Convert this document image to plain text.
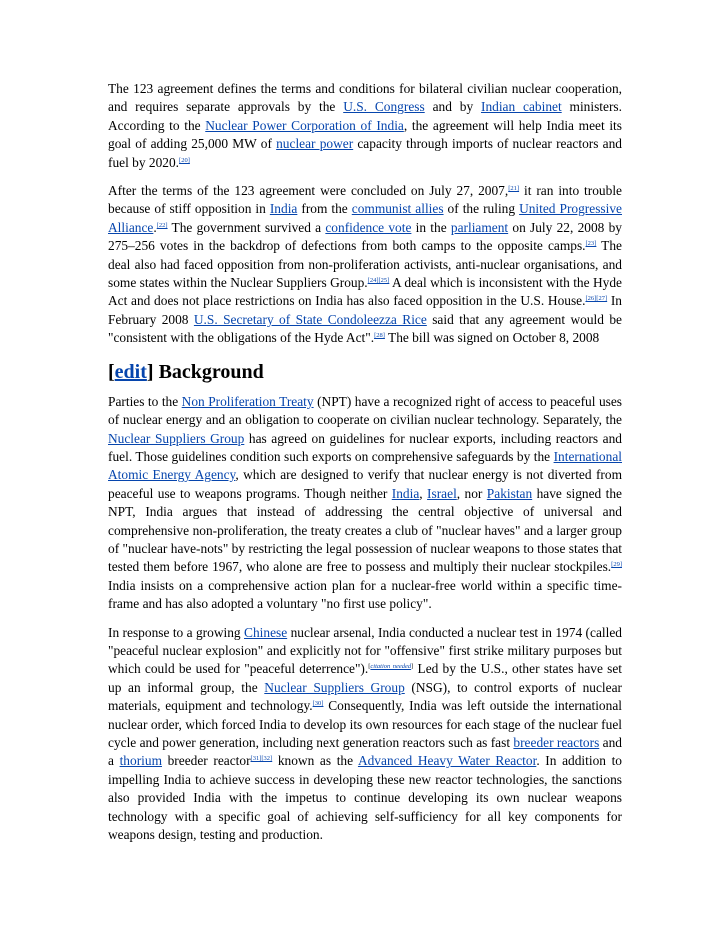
The 123 agreement defines the terms and conditions for bilateral civilian nuclear cooperation, and requires separate approvals by the U.S. Congress and by Indian cabinet ministers. According to the Nuclear Power Corporation of India, the agreement will help India meet its goal of adding 25,000 MW of nuclear power capacity through imports of nuclear reactors and fuel by 2020.[20]

After the terms of the 123 agreement were concluded on July 27, 2007,[21] it ran into trouble because of stiff opposition in India from the communist allies of the ruling United Progressive Alliance.[22] The government survived a confidence vote in the parliament on July 22, 2008 by 275–256 votes in the backdrop of defections from both camps to the opposite camps.[23] The deal also had faced opposition from non-proliferation activists, anti-nuclear organisations, and some states within the Nuclear Suppliers Group.[24][25] A deal which is inconsistent with the Hyde Act and does not place restrictions on India has also faced opposition in the U.S. House.[26][27] In February 2008 U.S. Secretary of State Condoleezza Rice said that any agreement would be "consistent with the obligations of the Hyde Act".[28] The bill was signed on October 8, 2008

[edit] Background

Parties to the Non Proliferation Treaty (NPT) have a recognized right of access to peaceful uses of nuclear energy and an obligation to cooperate on civilian nuclear technology. Separately, the Nuclear Suppliers Group has agreed on guidelines for nuclear exports, including reactors and fuel. Those guidelines condition such exports on comprehensive safeguards by the International Atomic Energy Agency, which are designed to verify that nuclear energy is not diverted from peaceful use to weapons programs. Though neither India, Israel, nor Pakistan have signed the NPT, India argues that instead of addressing the central objective of universal and comprehensive non-proliferation, the treaty creates a club of "nuclear haves" and a larger group of "nuclear have-nots" by restricting the legal possession of nuclear weapons to those states that tested them before 1967, who alone are free to possess and multiply their nuclear stockpiles.[29] India insists on a comprehensive action plan for a nuclear-free world within a specific time-frame and has also adopted a voluntary "no first use policy".

In response to a growing Chinese nuclear arsenal, India conducted a nuclear test in 1974 (called "peaceful nuclear explosion" and explicitly not for "offensive" first strike military purposes but which could be used for "peaceful deterrence").[citation needed] Led by the U.S., other states have set up an informal group, the Nuclear Suppliers Group (NSG), to control exports of nuclear materials, equipment and technology.[30] Consequently, India was left outside the international nuclear order, which forced India to develop its own resources for each stage of the nuclear fuel cycle and power generation, including next generation reactors such as fast breeder reactors and a thorium breeder reactor[31][32] known as the Advanced Heavy Water Reactor. In addition to impelling India to achieve success in developing these new reactor technologies, the sanctions also provided India with the impetus to continue developing its own nuclear weapons technology with a specific goal of achieving self-sufficiency for all key components for weapons design, testing and production.
